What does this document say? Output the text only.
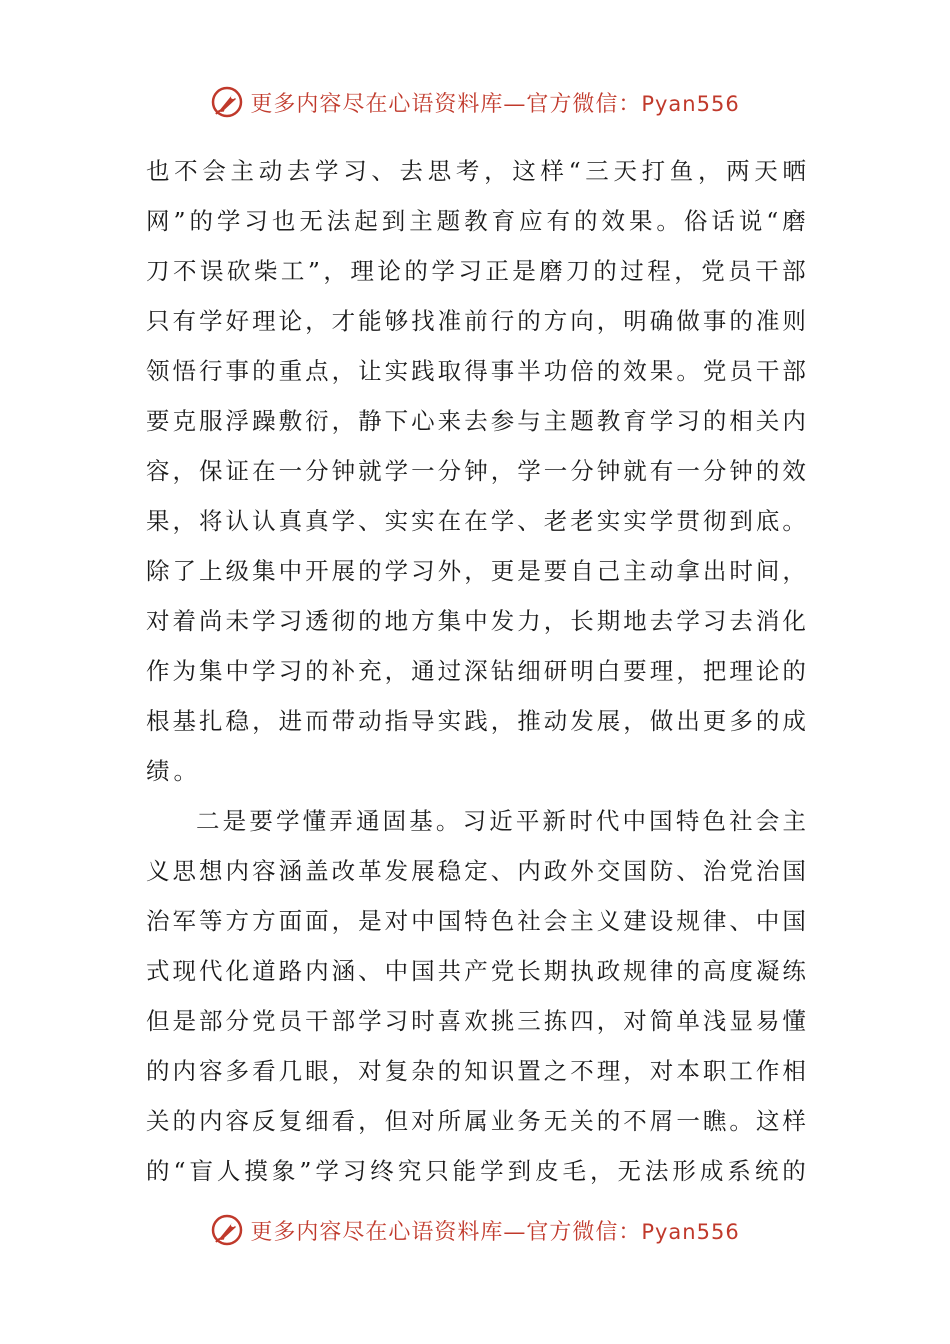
更多内容尽在心语资料库—官方微信：Pyan556
也 不 会 主 动 去 学 习 、 去 思 考 ， 这 样 “ 三 天 打 鱼 ， 两 天 晒
网 ” 的 学 习 也 无 法 起 到 主 题 教 育 应 有 的 效 果 。 俗 话 说 “ 磨
刀 不 误 砍 柴 工 ” ， 理 论 的 学 习 正 是 磨 刀 的 过 程 ， 党 员 干 部
只 有 学 好 理 论 ， 才 能 够 找 准 前 行 的 方 向 ， 明 确 做 事 的 准 则
领 悟 行 事 的 重 点 ， 让 实 践 取 得 事 半 功 倍 的 效 果 。 党 员 干 部
要 克 服 浮 躁 敷 衍 ， 静 下 心 来 去 参 与 主 题 教 育 学 习 的 相 关 内
容 ， 保 证 在 一 分 钟 就 学 一 分 钟 ， 学 一 分 钟 就 有 一 分 钟 的 效
果 ， 将 认 认 真 真 学 、 实 实 在 在 学 、 老 老 实 实 学 贯 彻 到 底 。
除 了 上 级 集 中 开 展 的 学 习 外 ， 更 是 要 自 己 主 动 拿 出 时 间 ，
对 着 尚 未 学 习 透 彻 的 地 方 集 中 发 力 ， 长 期 地 去 学 习 去 消 化
作 为 集 中 学 习 的 补 充 ， 通 过 深 钻 细 研 明 白 要 理 ， 把 理 论 的
根 基 扎 稳 ， 进 而 带 动 指 导 实 践 ， 推 动 发 展 ， 做 出 更 多 的 成
绩。
二 是 要 学 懂 弄 通 固 基 。 习 近 平 新 时 代 中 国 特 色 社 会 主
义 思 想 内 容 涵 盖 改 革 发 展 稳 定 、 内 政 外 交 国 防 、 治 党 治 国
治 军 等 方 方 面 面 ， 是 对 中 国 特 色 社 会 主 义 建 设 规 律 、 中 国
式 现 代 化 道 路 内 涵 、 中 国 共 产 党 长 期 执 政 规 律 的 高 度 凝 练
但 是 部 分 党 员 干 部 学 习 时 喜 欢 挑 三 拣 四 ， 对 简 单 浅 显 易 懂
的 内 容 多 看 几 眼 ， 对 复 杂 的 知 识 置 之 不 理 ， 对 本 职 工 作 相
关 的 内 容 反 复 细 看 ， 但 对 所 属 业 务 无 关 的 不 屑 一 瞧 。 这 样
的 “ 盲 人 摸 象 ” 学 习 终 究 只 能 学 到 皮 毛 ， 无 法 形 成 系 统 的
更多内容尽在心语资料库—官方微信：Pyan556
